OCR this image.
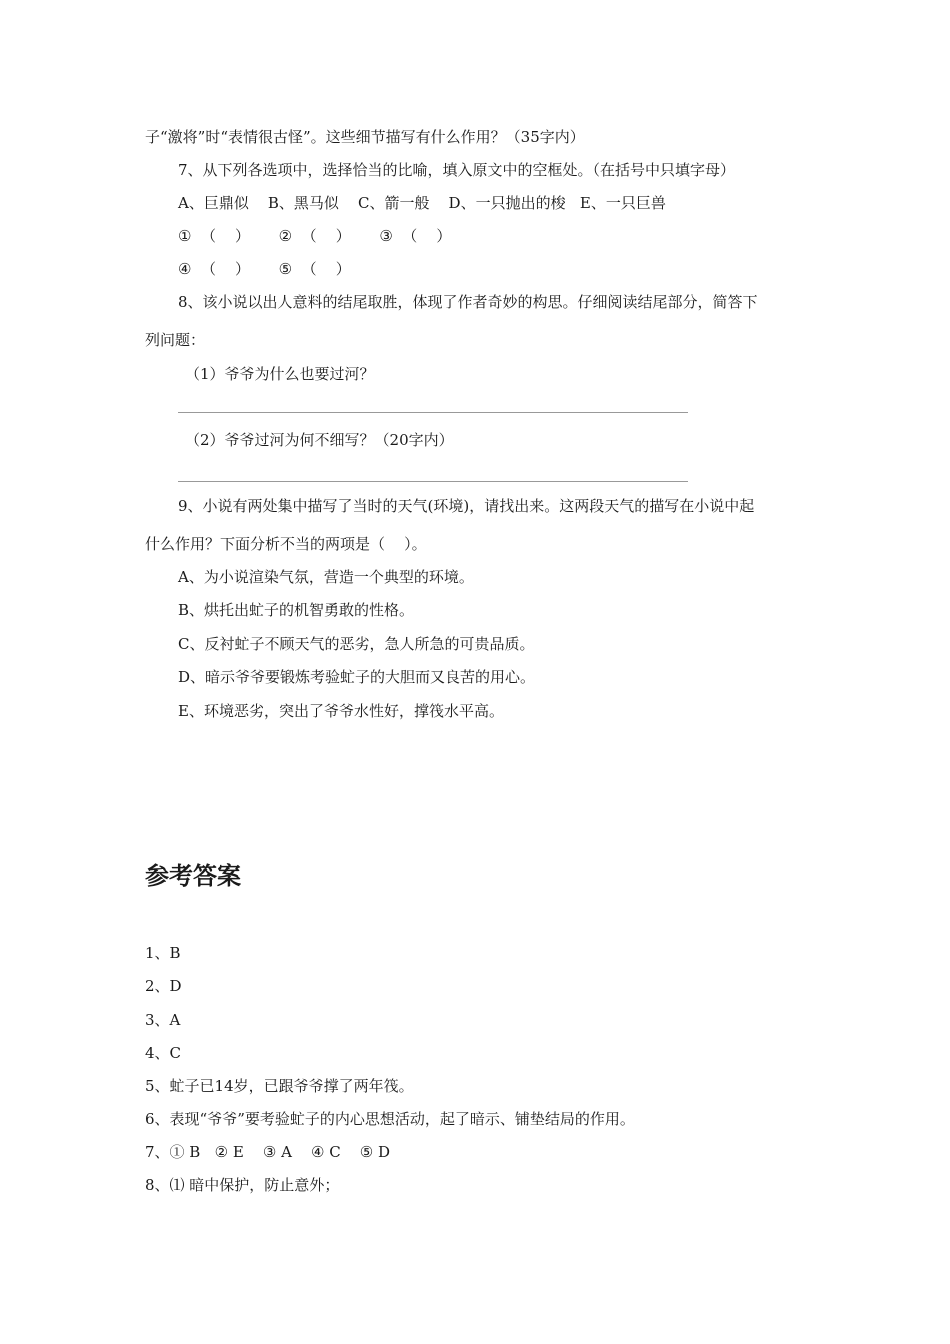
子“激将”时“表情很古怪”。这些细节描写有什么作用？（35字内）
7、从下列各选项中，选择恰当的比喻，填入原文中的空框处。（在括号中只填字母）
A、巨鼎似    B、黑马似    C、箭一般    D、一只抛出的梭   E、一只巨兽
①  （    ）      ②  （    ）      ③  （    ）
④  （    ）      ⑤  （    ）
8、该小说以出人意料的结尾取胜，体现了作者奇妙的构思。仔细阅读结尾部分，简答下
列问题：
（1）爷爷为什么也要过河？
（2）爷爷过河为何不细写？（20字内）
9、小说有两处集中描写了当时的天气(环境)，请找出来。这两段天气的描写在小说中起
什么作用？下面分析不当的两项是（    ）。
A、为小说渲染气氛，营造一个典型的环境。
B、烘托出虻子的机智勇敢的性格。
C、反衬虻子不顾天气的恶劣，急人所急的可贵品质。
D、暗示爷爷要锻炼考验虻子的大胆而又良苦的用心。
E、环境恶劣，突出了爷爷水性好，撑筏水平高。
参考答案
1、B
2、D
3、A
4、C
5、虻子已14岁，已跟爷爷撑了两年筏。
6、表现“爷爷”要考验虻子的内心思想活动，起了暗示、铺垫结局的作用。
7、① B   ② E    ③ A    ④ C    ⑤ D
8、⑴ 暗中保护，防止意外；
